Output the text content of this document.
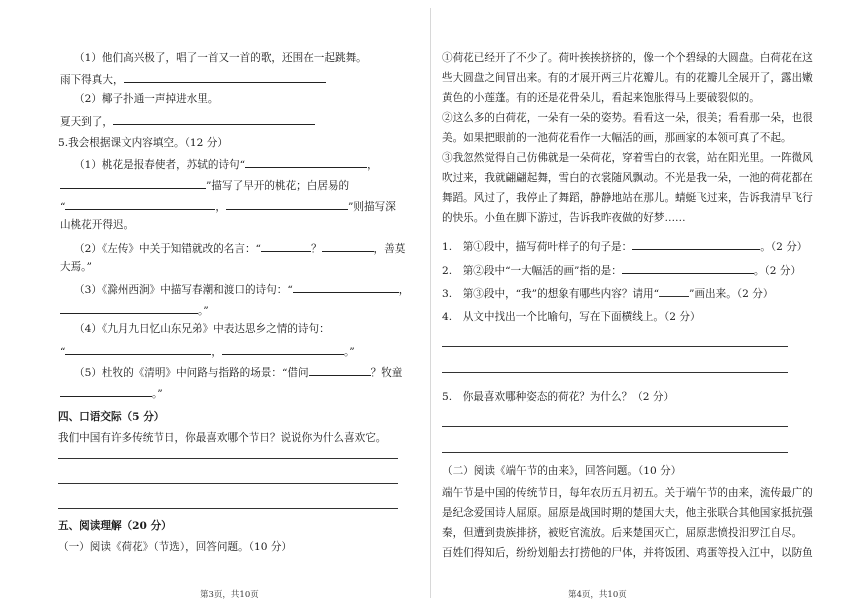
（1）他们高兴极了，唱了一首又一首的歌，还围在一起跳舞。
雨下得真大，
（2）椰子扑通一声掉进水里。
夏天到了，
5.我会根据课文内容填空。（12 分）
（1）桃花是报春使者，苏轼的诗句“	，
”描写了早开的桃花；白居易的
“	，	”则描写深
山桃花开得迟。
（2）《左传》中关于知错就改的名言：“	？	，善莫
大焉。”
（3）《滁州西涧》中描写春潮和渡口的诗句：“	，
。”
（4）《九月九日忆山东兄弟》中表达思乡之情的诗句：
“	，	。”
（5）杜牧的《清明》中问路与指路的场景：“借问	？牧童
。”
四、口语交际（5 分）
我们中国有许多传统节日，你最喜欢哪个节日？说说你为什么喜欢它。
五、阅读理解（20 分）
（一）阅读《荷花》（节选），回答问题。（10 分）
第3页，共10页
①荷花已经开了不少了。荷叶挨挨挤挤的，像一个个碧绿的大圆盘。白荷花在这
些大圆盘之间冒出来。有的才展开两三片花瓣儿。有的花瓣儿全展开了，露出嫩
黄色的小莲蓬。有的还是花骨朵儿，看起来饱胀得马上要破裂似的。
②这么多的白荷花，一朵有一朵的姿势。看看这一朵，很美；看看那一朵，也很
美。如果把眼前的一池荷花看作一大幅活的画，那画家的本领可真了不起。
③我忽然觉得自己仿佛就是一朵荷花，穿着雪白的衣裳，站在阳光里。一阵微风
吹过来，我就翩翩起舞，雪白的衣裳随风飘动。不光是我一朵，一池的荷花都在
舞蹈。风过了，我停止了舞蹈，静静地站在那儿。蜻蜓飞过来，告诉我清早飞行
的快乐。小鱼在脚下游过，告诉我昨夜做的好梦……
1.　第①段中，描写荷叶样子的句子是：	。（2 分）
2.　第②段中“一大幅活的画”指的是：	。（2 分）
3.　第③段中，“我”的想象有哪些内容？请用“	”画出来。（2 分）
4.　从文中找出一个比喻句，写在下面横线上。（2 分）
5.　你最喜欢哪种姿态的荷花？为什么？（2 分）
（二）阅读《端午节的由来》，回答问题。（10 分）
端午节是中国的传统节日，每年农历五月初五。关于端午节的由来，流传最广的
是纪念爱国诗人屈原。屈原是战国时期的楚国大夫，他主张联合其他国家抵抗强
秦，但遭到贵族排挤，被贬官流放。后来楚国灭亡，屈原悲愤投汨罗江自尽。
百姓们得知后，纷纷划船去打捞他的尸体，并将饭团、鸡蛋等投入江中，以防鱼
第4页，共10页
